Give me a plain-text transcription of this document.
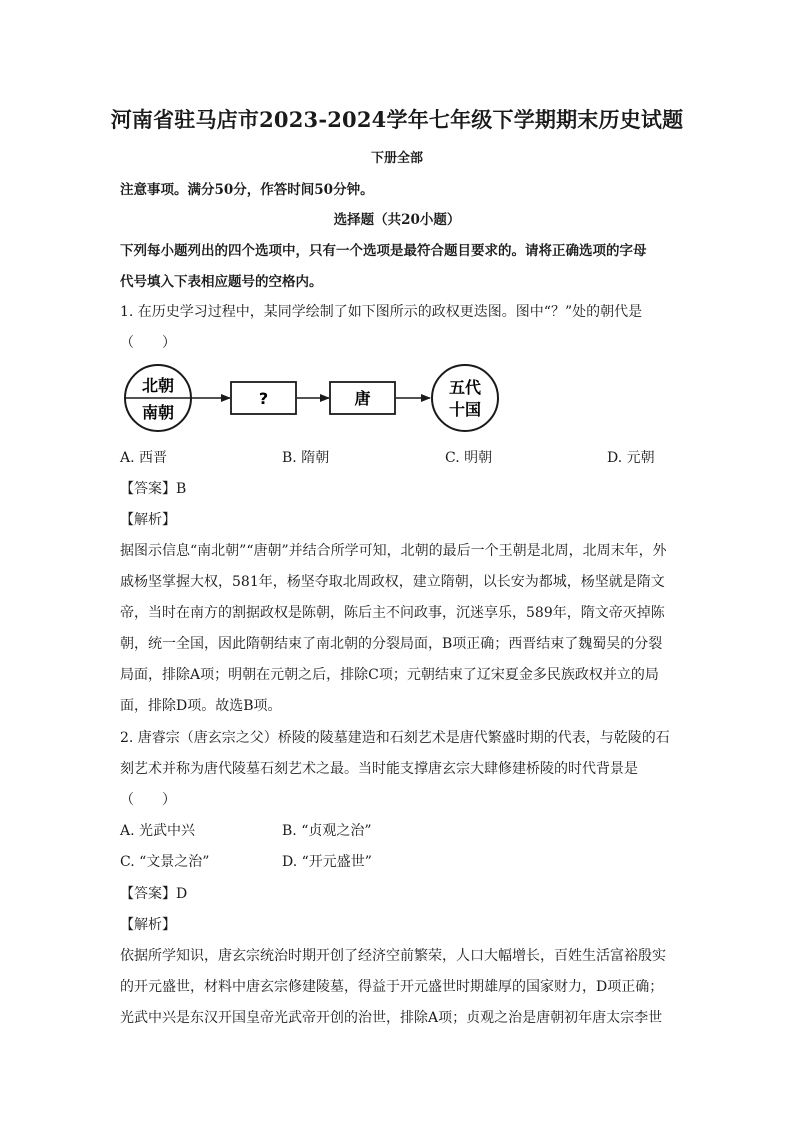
河南省驻马店市2023-2024学年七年级下学期期末历史试题
下册全部
注意事项。满分50分，作答时间50分钟。
选择题（共20小题）
下列每小题列出的四个选项中，只有一个选项是最符合题目要求的。请将正确选项的字母
代号填入下表相应题号的空格内。
1. 在历史学习过程中，某同学绘制了如下图所示的政权更迭图。图中“？”处的朝代是
（　　）
北朝
南朝
?	唐
五代
十国
A. 西晋	B. 隋朝	C. 明朝	D. 元朝
【答案】B
【解析】
据图示信息“南北朝”“唐朝”并结合所学可知，北朝的最后一个王朝是北周，北周末年，外
戚杨坚掌握大权，581年，杨坚夺取北周政权，建立隋朝，以长安为都城，杨坚就是隋文
帝，当时在南方的割据政权是陈朝，陈后主不问政事，沉迷享乐，589年，隋文帝灭掉陈
朝，统一全国，因此隋朝结束了南北朝的分裂局面，B项正确；西晋结束了魏蜀吴的分裂
局面，排除A项；明朝在元朝之后，排除C项；元朝结束了辽宋夏金多民族政权并立的局
面，排除D项。故选B项。
2. 唐睿宗（唐玄宗之父）桥陵的陵墓建造和石刻艺术是唐代繁盛时期的代表，与乾陵的石
刻艺术并称为唐代陵墓石刻艺术之最。当时能支撑唐玄宗大肆修建桥陵的时代背景是
（　　）
A. 光武中兴	B. “贞观之治”
C. “文景之治”	D. “开元盛世”
【答案】D
【解析】
依据所学知识，唐玄宗统治时期开创了经济空前繁荣，人口大幅增长，百姓生活富裕殷实
的开元盛世，材料中唐玄宗修建陵墓，得益于开元盛世时期雄厚的国家财力，D项正确；
光武中兴是东汉开国皇帝光武帝开创的治世，排除A项；贞观之治是唐朝初年唐太宗李世
